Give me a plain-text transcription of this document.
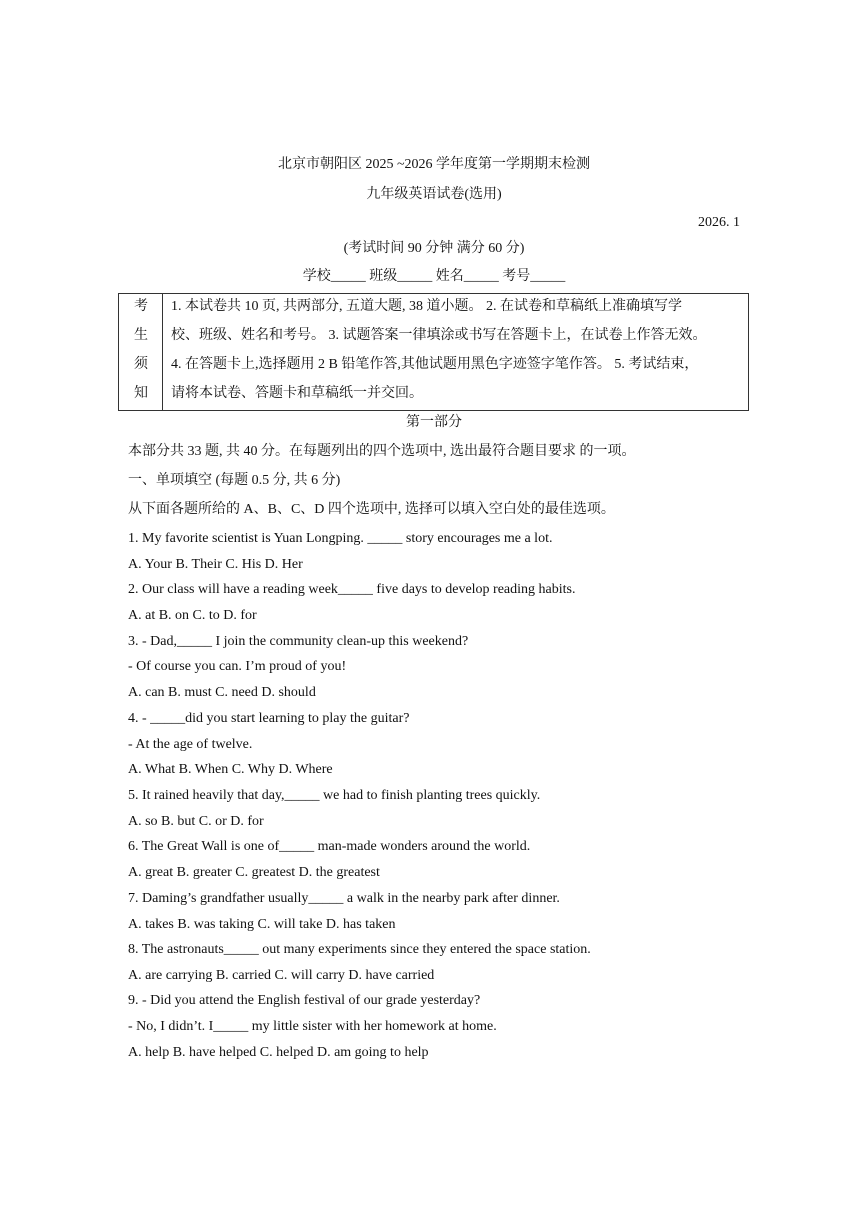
北京市朝阳区 2025 ~2026 学年度第一学期期末检测
九年级英语试卷(选用)
2026. 1
(考试时间 90 分钟 满分 60 分)
学校_____ 班级_____ 姓名_____ 考号_____
考
生
须
知
1. 本试卷共 10 页, 共两部分, 五道大题, 38 道小题。 2. 在试卷和草稿纸上准确填写学
校、班级、姓名和考号。 3. 试题答案一律填涂或书写在答题卡上，在试卷上作答无效。
4. 在答题卡上,选择题用 2 B 铅笔作答,其他试题用黑色字迹签字笔作答。 5. 考试结束，
请将本试卷、答题卡和草稿纸一并交回。
第一部分
本部分共 33 题, 共 40 分。在每题列出的四个选项中, 选出最符合题目要求 的一项。
一、单项填空 (每题 0.5 分, 共 6 分)
从下面各题所给的 A、B、C、D 四个选项中, 选择可以填入空白处的最佳选项。
1. My favorite scientist is Yuan Longping. _____ story encourages me a lot.
A. Your B. Their C. His D. Her
2. Our class will have a reading week_____ five days to develop reading habits.
A. at B. on C. to D. for
3. - Dad,_____ I join the community clean-up this weekend?
- Of course you can. I’m proud of you!
A. can B. must C. need D. should
4. - _____did you start learning to play the guitar?
- At the age of twelve.
A. What B. When C. Why D. Where
5. It rained heavily that day,_____ we had to finish planting trees quickly.
A. so B. but C. or D. for
6. The Great Wall is one of_____ man-made wonders around the world.
A. great B. greater C. greatest D. the greatest
7. Daming’s grandfather usually_____ a walk in the nearby park after dinner.
A. takes B. was taking C. will take D. has taken
8. The astronauts_____ out many experiments since they entered the space station.
A. are carrying B. carried C. will carry D. have carried
9. - Did you attend the English festival of our grade yesterday?
- No, I didn’t. I_____ my little sister with her homework at home.
A. help B. have helped C. helped D. am going to help
